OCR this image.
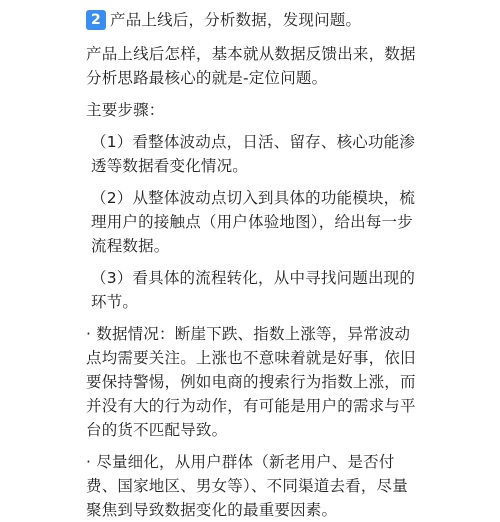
2 产品上线后，分析数据，发现问题。
产品上线后怎样，基本就从数据反馈出来，数据
分析思路最核心的就是-定位问题。
主要步骤：
（1）看整体波动点，日活、留存、核心功能渗
透等数据看变化情况。
（2）从整体波动点切入到具体的功能模块，梳
理用户的接触点（用户体验地图），给出每一步
流程数据。
（3）看具体的流程转化，从中寻找问题出现的
环节。
· 数据情况：断崖下跌、指数上涨等，异常波动
点均需要关注。上涨也不意味着就是好事，依旧
要保持警惕，例如电商的搜索行为指数上涨，而
并没有大的行为动作，有可能是用户的需求与平
台的货不匹配导致。
· 尽量细化，从用户群体（新老用户、是否付
费、国家地区、男女等）、不同渠道去看，尽量
聚焦到导致数据变化的最重要因素。
